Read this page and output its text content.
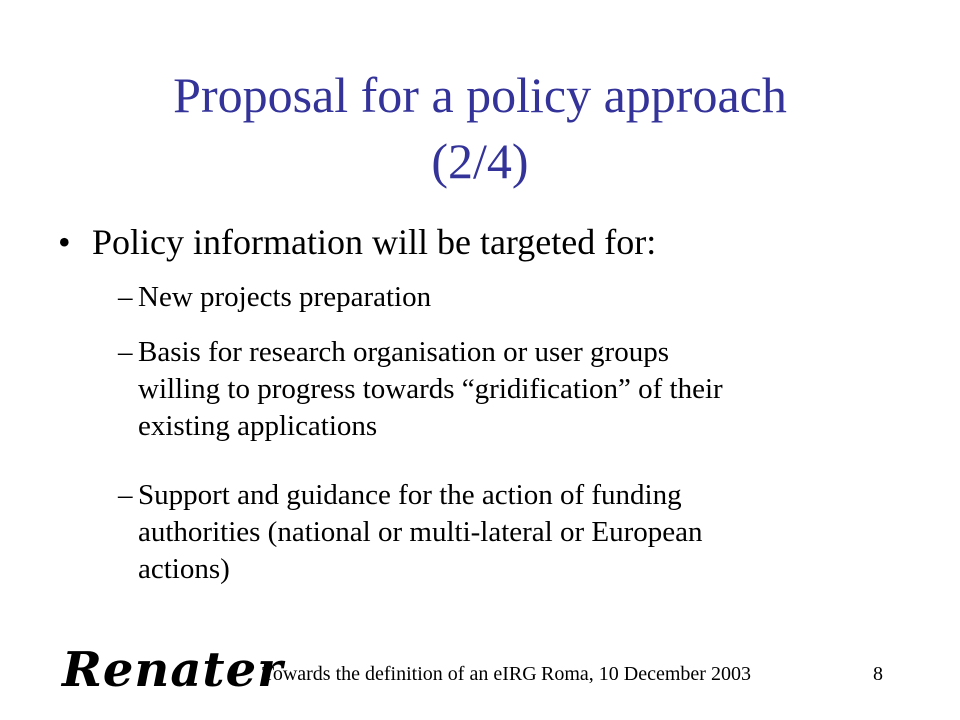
Proposal for a policy approach
(2/4)
• Policy information will be targeted for:
– New projects preparation
– Basis for research organisation or user groups
willing to progress towards “gridification” of their
existing applications
– Support and guidance for the action of funding
authorities (national or multi-lateral or European
actions)
Renater
Towards the definition of an eIRG Roma, 10 December 2003	8
